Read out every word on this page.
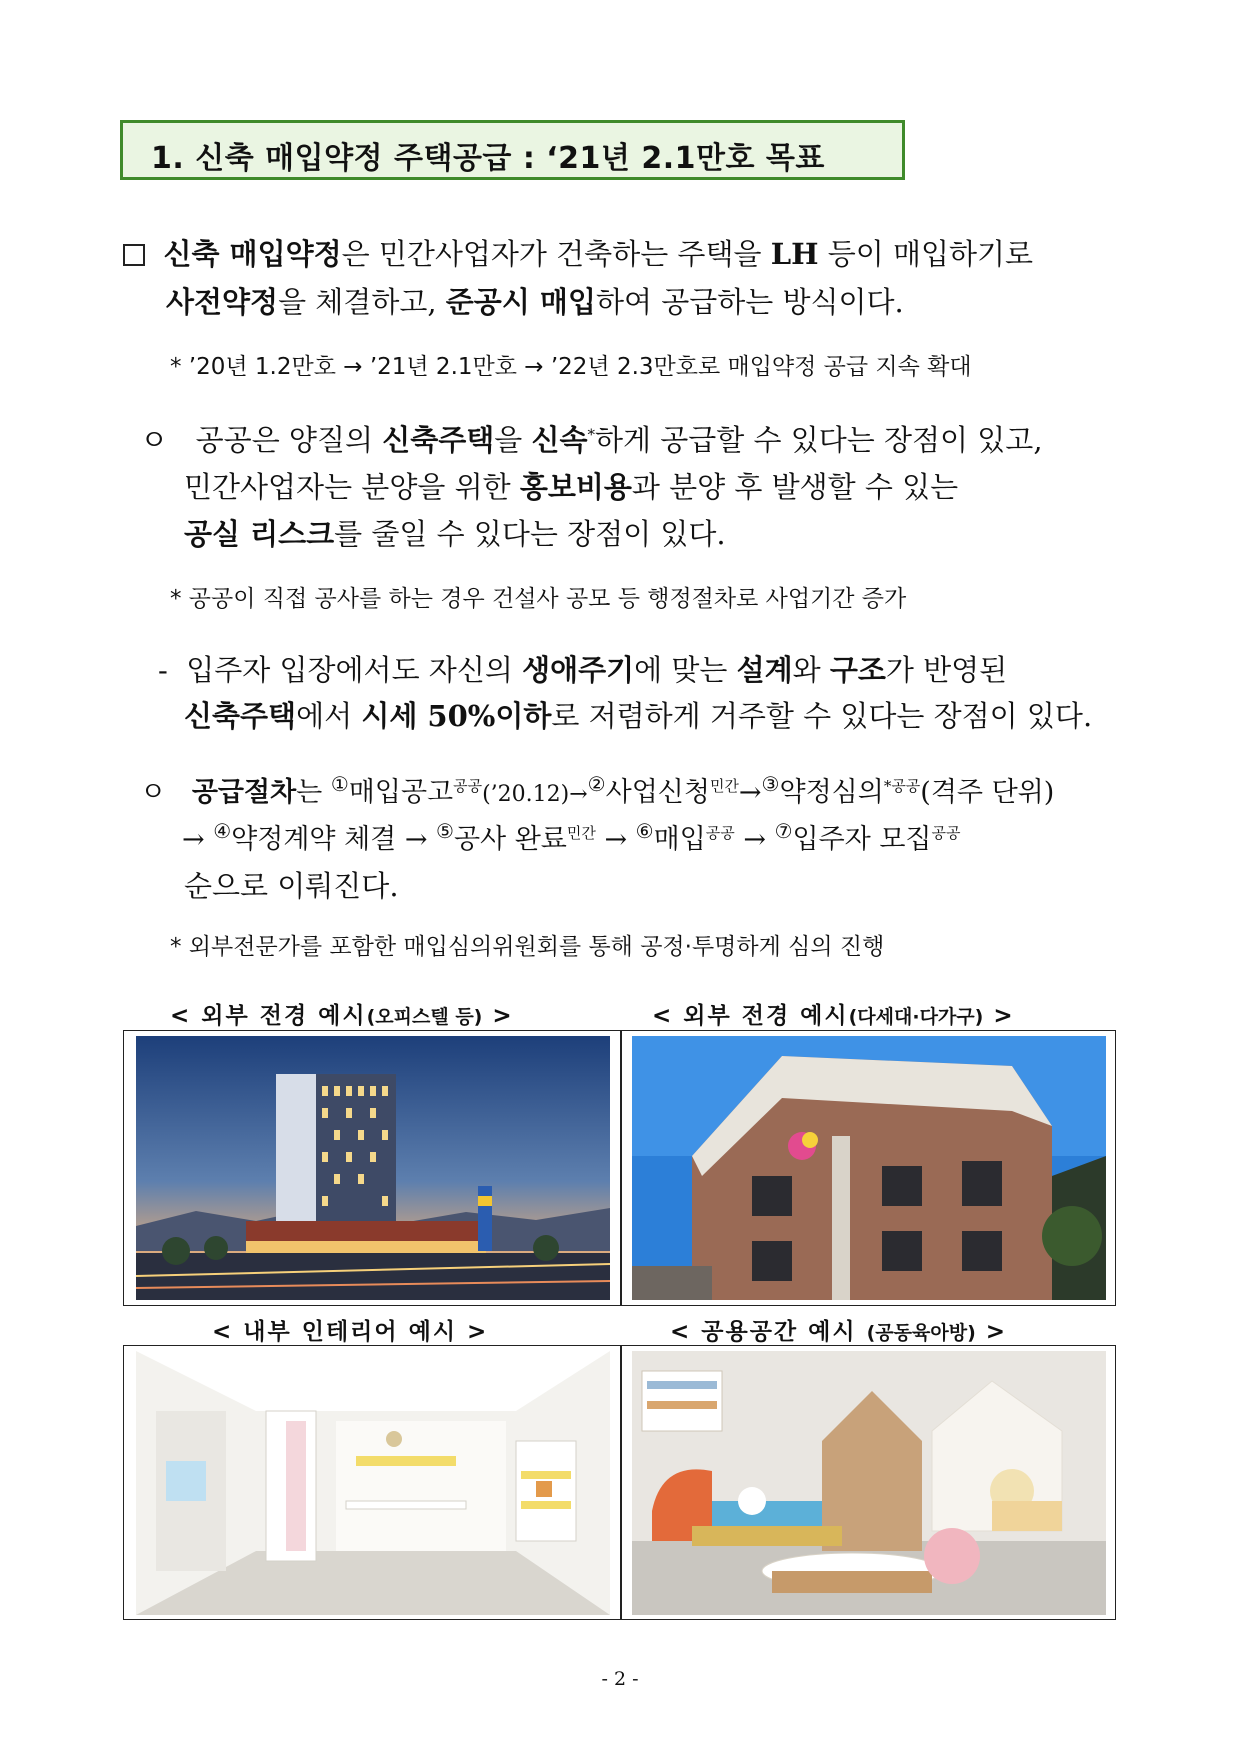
1. 신축 매입약정 주택공급 : ‘21년 2.1만호 목표
신축 매입약정은 민간사업자가 건축하는 주택을 LH 등이 매입하기로
사전약정을 체결하고, 준공시 매입하여 공급하는 방식이다.
* ’20년 1.2만호 → ’21년 2.1만호 → ’22년 2.3만호로 매입약정 공급 지속 확대
ㅇ 공공은 양질의 신축주택을 신속*하게 공급할 수 있다는 장점이 있고,
민간사업자는 분양을 위한 홍보비용과 분양 후 발생할 수 있는
공실 리스크를 줄일 수 있다는 장점이 있다.
* 공공이 직접 공사를 하는 경우 건설사 공모 등 행정절차로 사업기간 증가
- 입주자 입장에서도 자신의 생애주기에 맞는 설계와 구조가 반영된
신축주택에서 시세 50%이하로 저렴하게 거주할 수 있다는 장점이 있다.
ㅇ 공급절차는 ①매입공고$^{공공}$(’20.12)→②사업신청$^{민간}$→③약정심의$^{*공공}$(격주 단위)
→ ④약정계약 체결 → ⑤공사 완료$^{민간}$ → ⑥매입$^{공공}$ → ⑦입주자 모집$^{공공}$
순으로 이뤄진다.
* 외부전문가를 포함한 매입심의위원회를 통해 공정·투명하게 심의 진행
< 외부 전경 예시(오피스텔 등) >	< 외부 전경 예시(다세대·다가구) >
< 내부 인테리어 예시 >	< 공용공간 예시 (공동육아방) >
- 2 -
